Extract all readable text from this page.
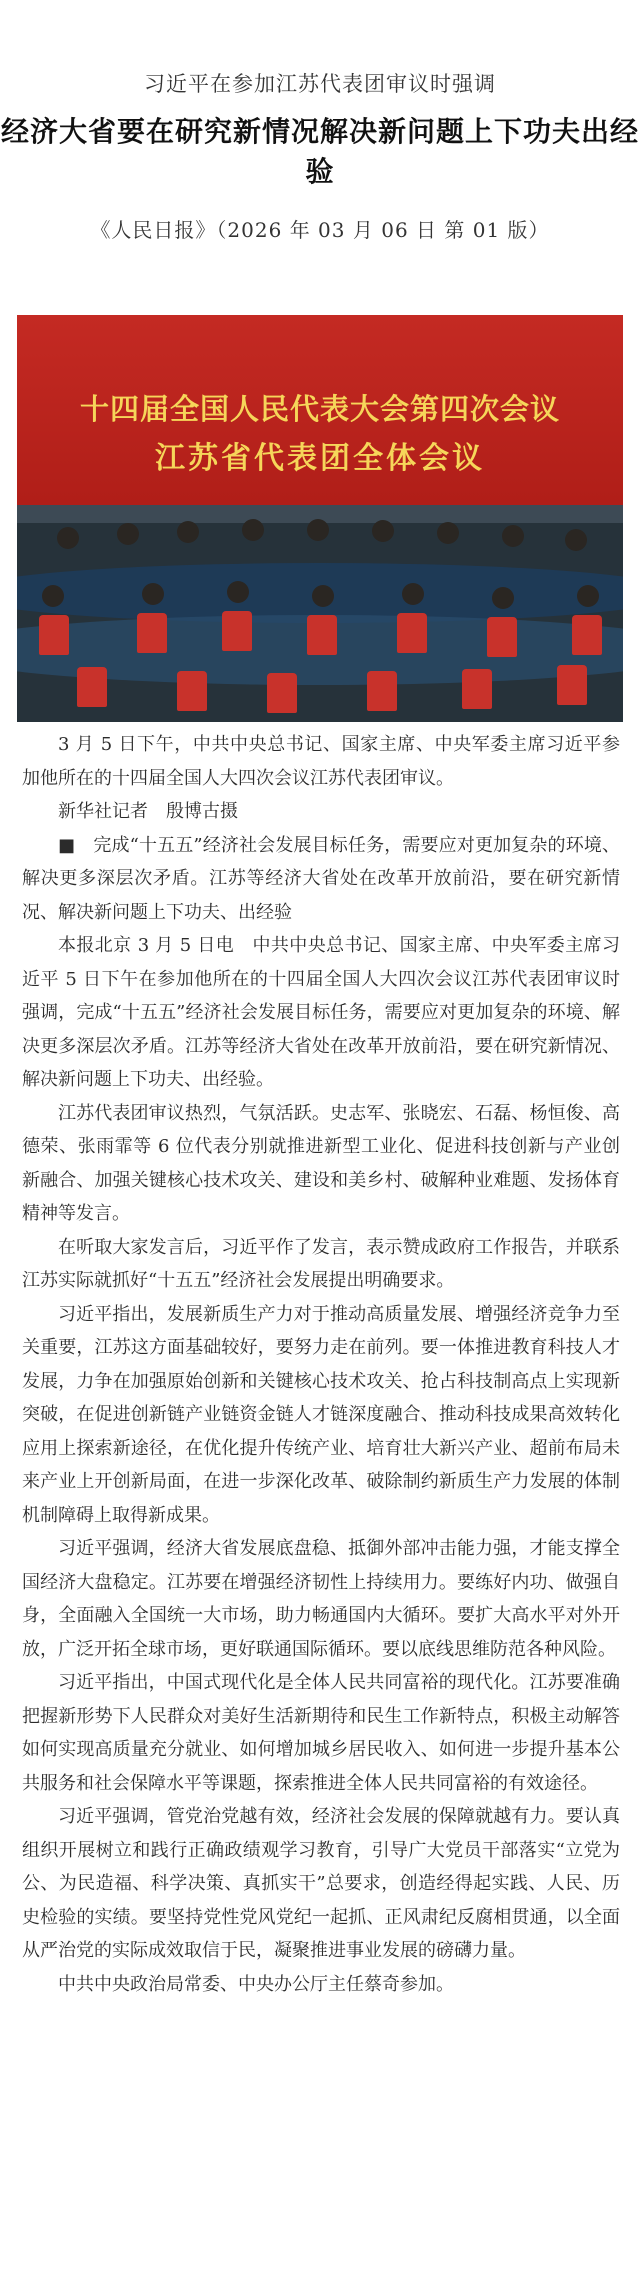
习近平在参加江苏代表团审议时强调
经济大省要在研究新情况解决新问题上下功夫出经验
《人民日报》（2026 年 03 月 06 日 第 01 版）
十四届全国人民代表大会第四次会议
江苏省代表团全体会议

3 月 5 日下午，中共中央总书记、国家主席、中央军委主席习近平参加他所在的十四届全国人大四次会议江苏代表团审议。

新华社记者　殷博古摄

■　 完成“十五五”经济社会发展目标任务，需要应对更加复杂的环境、解决更多深层次矛盾。江苏等经济大省处在改革开放前沿，要在研究新情况、解决新问题上下功夫、出经验

本报北京 3 月 5 日电　中共中央总书记、国家主席、中央军委主席习近平 5 日下午在参加他所在的十四届全国人大四次会议江苏代表团审议时强调，完成“十五五”经济社会发展目标任务，需要应对更加复杂的环境、解决更多深层次矛盾。江苏等经济大省处在改革开放前沿，要在研究新情况、解决新问题上下功夫、出经验。

江苏代表团审议热烈，气氛活跃。史志军、张晓宏、石磊、杨恒俊、高德荣、张雨霏等 6 位代表分别就推进新型工业化、促进科技创新与产业创新融合、加强关键核心技术攻关、建设和美乡村、破解种业难题、发扬体育精神等发言。

在听取大家发言后，习近平作了发言，表示赞成政府工作报告，并联系江苏实际就抓好“十五五”经济社会发展提出明确要求。

习近平指出，发展新质生产力对于推动高质量发展、增强经济竞争力至关重要，江苏这方面基础较好，要努力走在前列。要一体推进教育科技人才发展，力争在加强原始创新和关键核心技术攻关、抢占科技制高点上实现新突破，在促进创新链产业链资金链人才链深度融合、推动科技成果高效转化应用上探索新途径，在优化提升传统产业、培育壮大新兴产业、超前布局未来产业上开创新局面，在进一步深化改革、破除制约新质生产力发展的体制机制障碍上取得新成果。

习近平强调，经济大省发展底盘稳、抵御外部冲击能力强，才能支撑全国经济大盘稳定。江苏要在增强经济韧性上持续用力。要练好内功、做强自身，全面融入全国统一大市场，助力畅通国内大循环。要扩大高水平对外开放，广泛开拓全球市场，更好联通国际循环。要以底线思维防范各种风险。

习近平指出，中国式现代化是全体人民共同富裕的现代化。江苏要准确把握新形势下人民群众对美好生活新期待和民生工作新特点，积极主动解答如何实现高质量充分就业、如何增加城乡居民收入、如何进一步提升基本公共服务和社会保障水平等课题，探索推进全体人民共同富裕的有效途径。

习近平强调，管党治党越有效，经济社会发展的保障就越有力。要认真组织开展树立和践行正确政绩观学习教育，引导广大党员干部落实“立党为公、为民造福、科学决策、真抓实干”总要求，创造经得起实践、人民、历史检验的实绩。要坚持党性党风党纪一起抓、正风肃纪反腐相贯通，以全面从严治党的实际成效取信于民，凝聚推进事业发展的磅礴力量。

中共中央政治局常委、中央办公厅主任蔡奇参加。
